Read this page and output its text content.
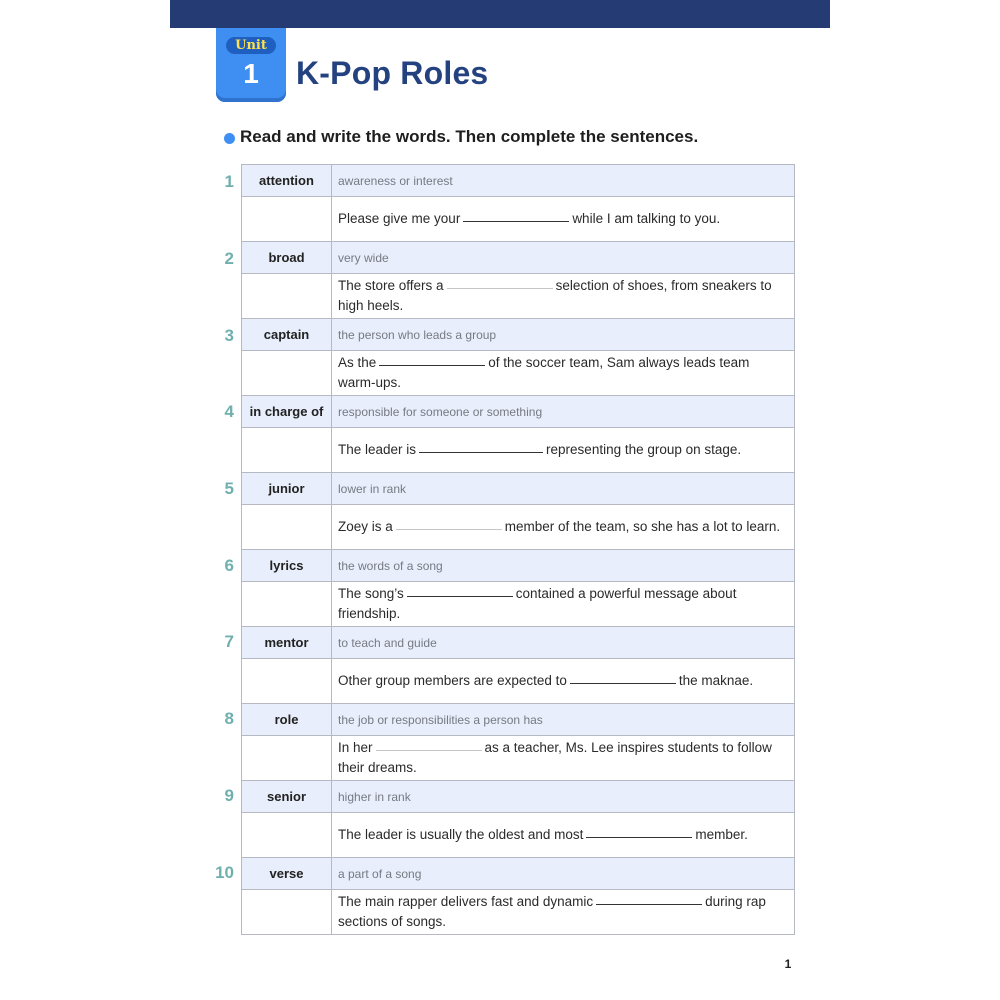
Unit
1	K-Pop Roles
Read and write the words. Then complete the sentences.
1
2
3
4
5
6
7
8
9
10
attention	awareness or interest
	Please give me your while I am talking to you.
broad	very wide
	The store offers a selection of shoes, from sneakers to high heels.
captain	the person who leads a group
	As the of the soccer team, Sam always leads team warm-ups.
in charge of	responsible for someone or something
	The leader is representing the group on stage.
junior	lower in rank
	Zoey is a member of the team, so she has a lot to learn.
lyrics	the words of a song
	The song’s contained a powerful message about friendship.
mentor	to teach and guide
	Other group members are expected to the maknae.
role	the job or responsibilities a person has
	In her as a teacher, Ms. Lee inspires students to follow their dreams.
senior	higher in rank
	The leader is usually the oldest and most member.
verse	a part of a song
	The main rapper delivers fast and dynamic during rap sections of songs.
1
